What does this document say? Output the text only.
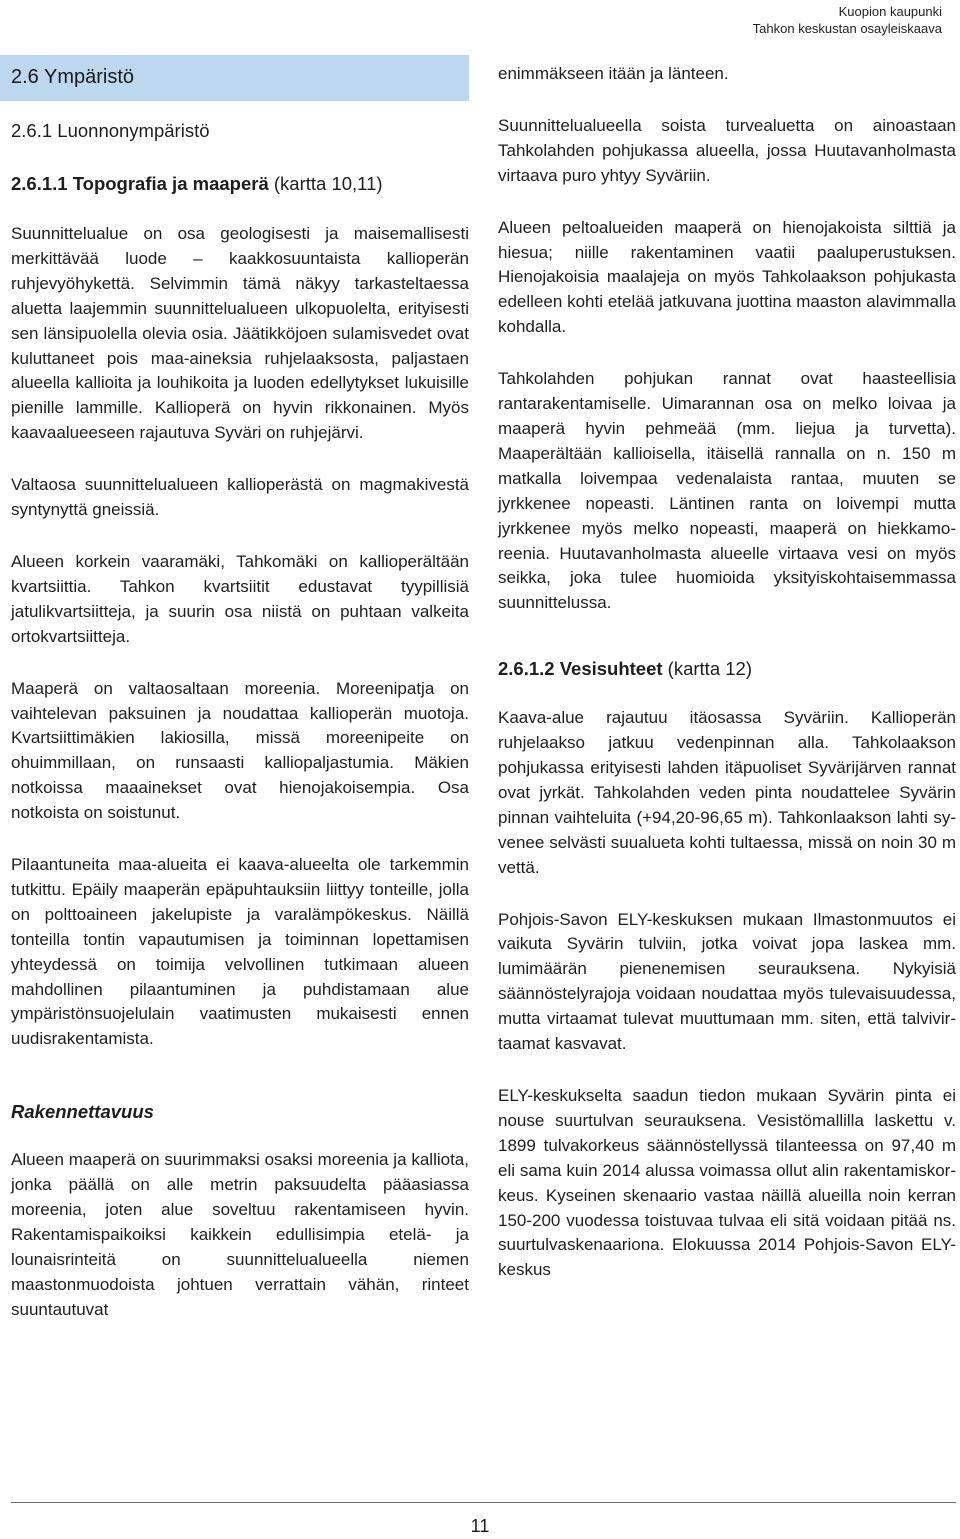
Kuopion kaupunki
Tahkon keskustan osayleiskaava
2.6 Ympäristö
2.6.1 Luonnonympäristö
2.6.1.1 Topografia ja maaperä (kartta 10,11)

Suunnittelualue on osa geologisesti ja maisemallisesti merkittävää luode – kaakkosuuntaista kallioperän ruhjevyöhykettä. Selvimmin tämä näkyy tarkasteltaessa aluetta laajemmin suunnittelualueen ulkopuolelta, erityisesti sen länsipuolella olevia osia. Jäätikköjoen sulamisvedet ovat kuluttaneet pois maa-aineksia ruhjelaaksosta, paljastaen alueella kallioita ja louhikoita ja luoden edellytykset lukuisille pienille lammille. Kallioperä on hyvin rikkonainen. Myös kaavaalueeseen rajautuva Syväri on ruhjejärvi.

Valtaosa suunnittelualueen kallioperästä on magmakivestä syntynyttä gneissiä.

Alueen korkein vaaramäki, Tahkomäki on kallioperältään kvartsiittia. Tahkon kvartsiitit edustavat tyypillisiä jatulikvartsiitteja, ja suurin osa niistä on puhtaan valkeita ortokvartsiitteja.

Maaperä on valtaosaltaan moreenia. Moreenipatja on vaihtelevan paksuinen ja noudattaa kallioperän muotoja. Kvartsiittimäkien lakiosilla, missä moreenipeite on ohuimmillaan, on runsaasti kalliopaljastumia. Mäkien notkoissa maaainekset ovat hienojakoisempia. Osa notkoista on soistunut.

Pilaantuneita maa-alueita ei kaava-alueelta ole tarkemmin tutkittu. Epäily maaperän epäpuhtauksiin liittyy tonteille, jolla on polttoaineen jakelupiste ja varalämpökeskus. Näillä tonteilla tontin vapautumisen ja toiminnan lopettamisen yhteydessä on toimija velvollinen tutkimaan alueen mahdollinen pilaantuminen ja puhdistamaan alue ympäristönsuojelulain vaatimusten mukaisesti ennen uudisrakentamista.

Rakennettavuus

Alueen maaperä on suurimmaksi osaksi moreenia ja kalliota, jonka päällä on alle metrin paksuudelta pääasiassa moreenia, joten alue soveltuu rakentamiseen hyvin. Rakentamispaikoiksi kaikkein edullisimpia etelä- ja lounaisrinteitä on suunnittelualueella niemen maastonmuodoista johtuen verrattain vähän, rinteet suuntautuvat

enimmäkseen itään ja länteen.

Suunnittelualueella soista turvealuetta on ainoastaan Tahkolahden pohjukassa alueella, jossa Huutavanholmasta virtaava puro yhtyy Syväriin.

Alueen peltoalueiden maaperä on hienojakoista silttiä ja hiesua; niille rakentaminen vaatii paaluperustuksen. Hienojakoisia maalajeja on myös Tahkolaakson pohjukasta edelleen kohti etelää jatkuvana juottina maaston alavimmalla kohdalla.

Tahkolahden pohjukan rannat ovat haasteellisia rantarakentamiselle. Uimarannan osa on melko loivaa ja maaperä hyvin pehmeää (mm. liejua ja turvetta). Maaperältään kallioisella, itäisellä rannalla on n. 150 m matkalla loivempaa vedenalaista rantaa, muuten se jyrkkenee nopeasti. Läntinen ranta on loivempi mutta jyrkkenee myös melko nopeasti, maaperä on hiekkamoreenia. Huutavanholmasta alueelle virtaava vesi on myös seikka, joka tulee huomioida yksityiskohtaisemmassa suunnittelussa.

2.6.1.2 Vesisuhteet (kartta 12)

Kaava-alue rajautuu itäosassa Syväriin. Kallioperän ruhjelaakso jatkuu vedenpinnan alla. Tahkolaakson pohjukassa erityisesti lahden itäpuoliset Syvärijärven rannat ovat jyrkät. Tahkolahden veden pinta noudattelee Syvärin pinnan vaihteluita (+94,20-96,65 m). Tahkonlaakson lahti syvenee selvästi suualueta kohti tultaessa, missä on noin 30 m vettä.

Pohjois-Savon ELY-keskuksen mukaan Ilmastonmuutos ei vaikuta Syvärin tulviin, jotka voivat jopa laskea mm. lumimäärän pienenemisen seurauksena. Nykyisiä säännöstelyrajoja voidaan noudattaa myös tulevaisuudessa, mutta virtaamat tulevat muuttumaan mm. siten, että talvivirtaamat kasvavat.

ELY-keskukselta saadun tiedon mukaan Syvärin pinta ei nouse suurtulvan seurauksena. Vesistömallilla laskettu v. 1899 tulvakorkeus säännöstellyssä tilanteessa on 97,40 m eli sama kuin 2014 alussa voimassa ollut alin rakentamiskorkeus. Kyseinen skenaario vastaa näillä alueilla noin kerran 150-200 vuodessa toistuvaa tulvaa eli sitä voidaan pitää ns. suurtulvaskenaariona. Elokuussa 2014 Pohjois-Savon ELY-keskus

11
